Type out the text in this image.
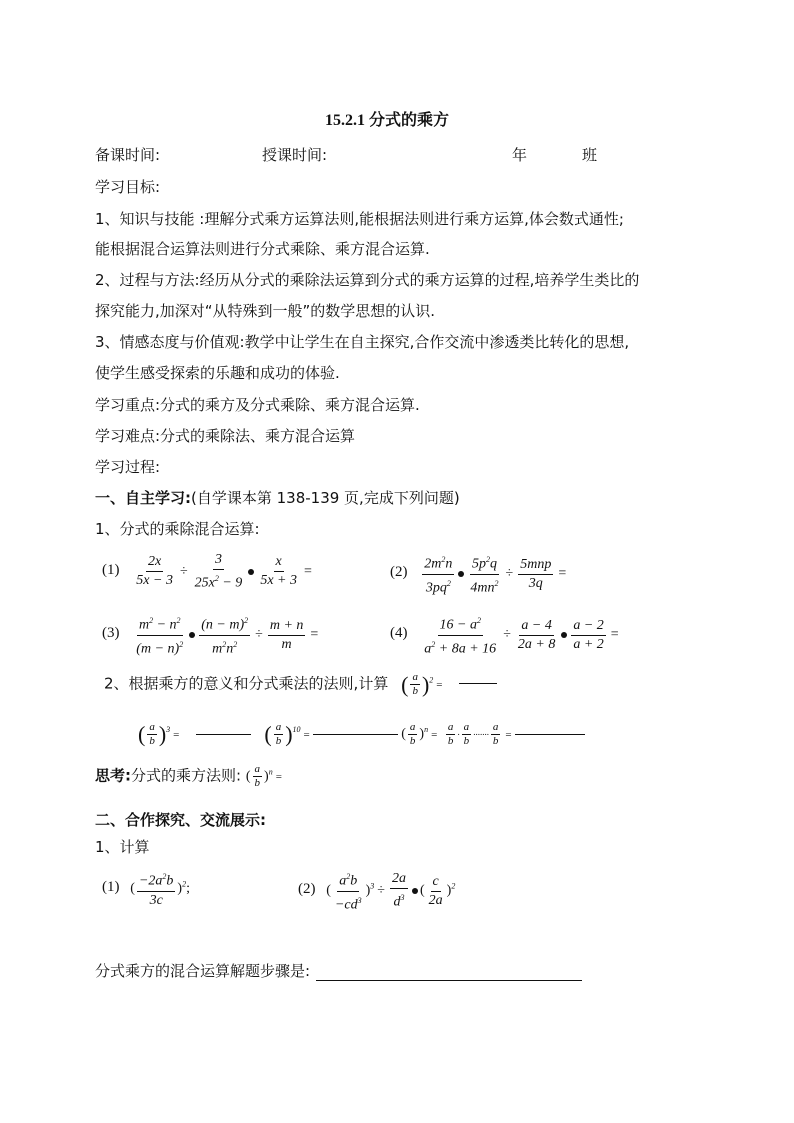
15.2.1 分式的乘方
备课时间:	授课时间:	年	班
学习目标:
1、知识与技能 :理解分式乘方运算法则,能根据法则进行乘方运算,体会数式通性;
能根据混合运算法则进行分式乘除、乘方混合运算.
2、过程与方法:经历从分式的乘除法运算到分式的乘方运算的过程,培养学生类比的
探究能力,加深对“从特殊到一般”的数学思想的认识.
3、情感态度与价值观:教学中让学生在自主探究,合作交流中渗透类比转化的思想,
使学生感受探索的乐趣和成功的体验.
学习重点:分式的乘方及分式乘除、乘方混合运算.
学习难点:分式的乘除法、乘方混合运算
学习过程:
一、自主学习:(自学课本第 138-139 页,完成下列问题)
1、分式的乘除混合运算:
$(1) \frac{2x}{5x - 3} \div \frac{3}{25x^2 - 9} \frac{x}{5x + 3}$ =	$(2) \frac{2m^2n}{3pq^2} \frac{5p^2q}{4mn^2} \div \frac{\text{5mnp}}{3q}$ =
$(3) \frac{m^2 - n^2}{(m - n)^2} \frac{(n - m)^2}{m^2n^2} \div \frac{m + n}{m}$ =	$(4) \frac{16 - a^2}{a^2 + 8a + 16} \div \frac{a - 4}{2a + 8} \frac{a - 2}{a + 2}$ =
2、根据乘方的意义和分式乘法的法则,计算 ( $\frac{a}{b} )^2$ =
( $\frac{a}{b} )^3$ =	( $\frac{a}{b} )^{10}$ =	( $\frac{a}{b} )^n = \frac{a}{b} \cdot \frac{a}{b}$ ······· $\frac{a}{b}$ =
思考:分式的乘方法则: ( $\frac{a}{b} )^n$ =
二、合作探究、交流展示:
1、计算
(1) ( $\frac{-2a^2b}{3c} )^2$;	(2) ( $\frac{a^2b}{-cd^3} )^3 \div \frac{2a}{d^3}$ ( $\frac{c}{2a} )^2$
分式乘方的混合运算解题步骤是:
